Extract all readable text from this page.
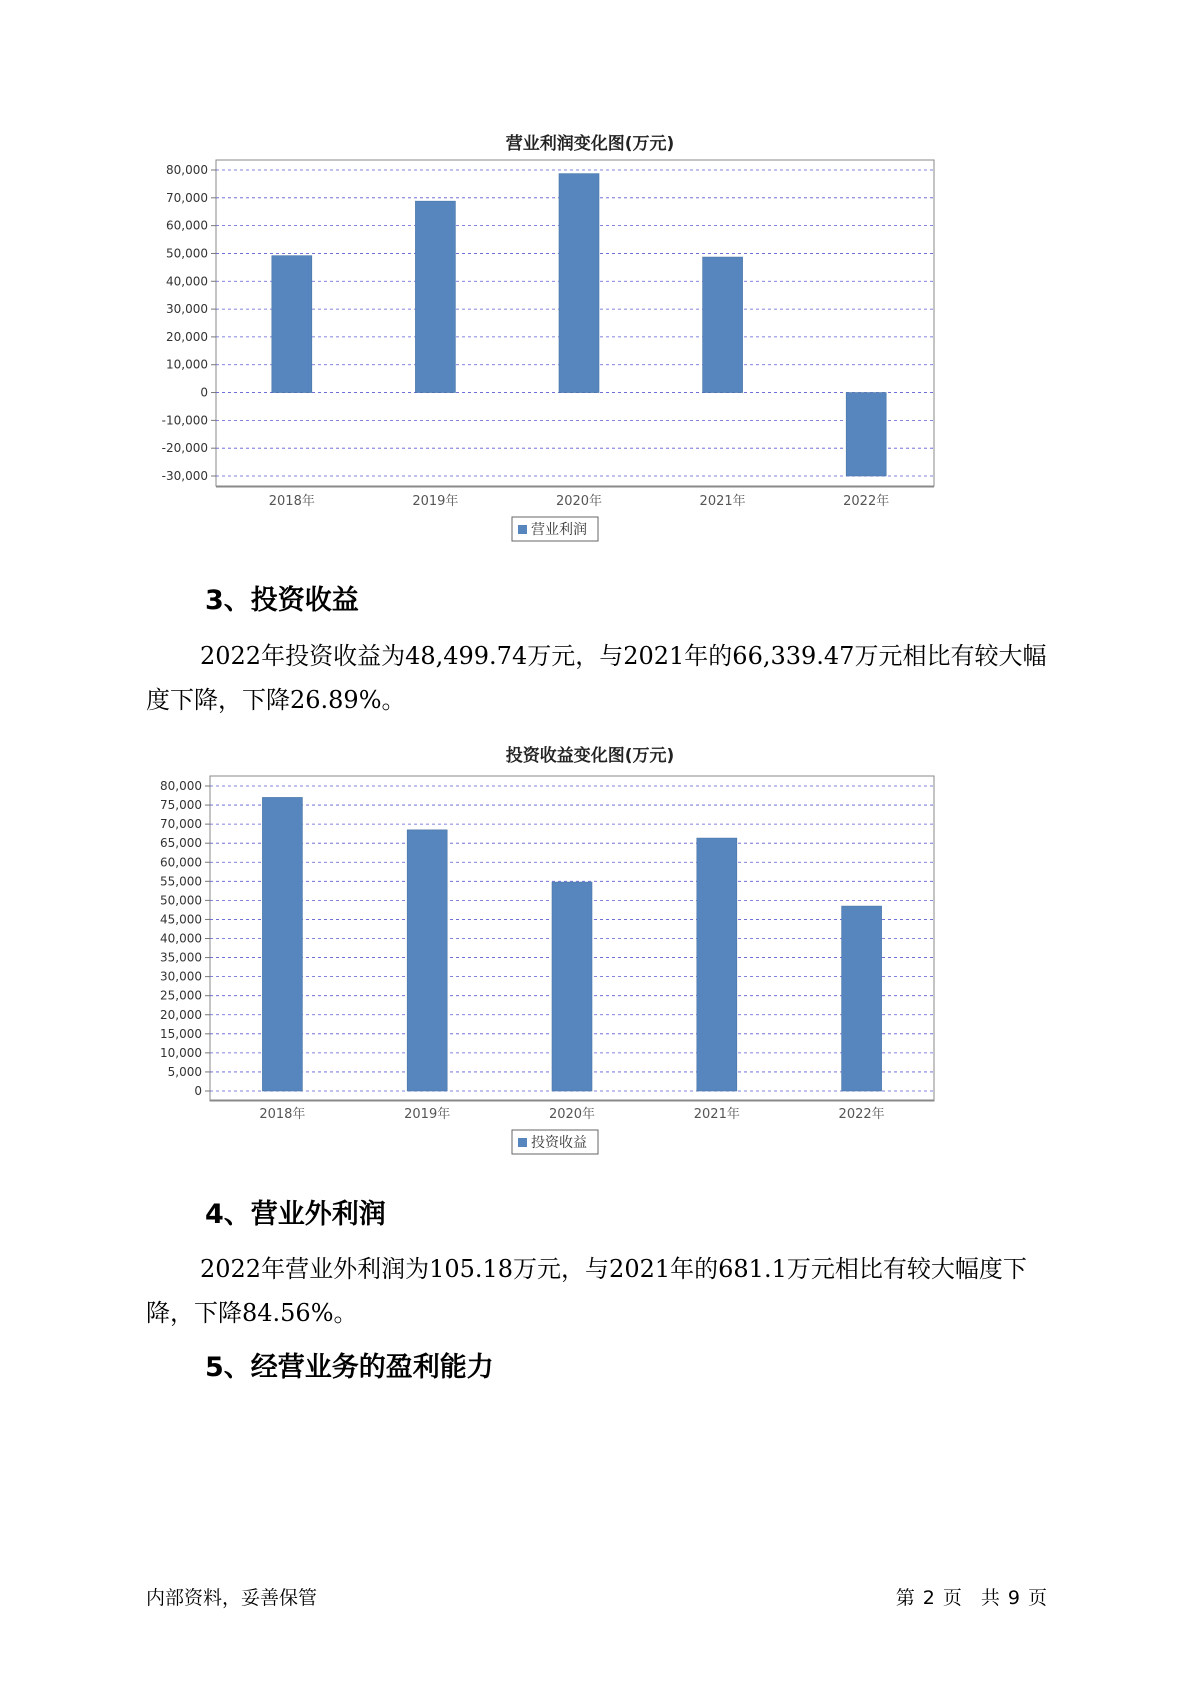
营业利润变化图(万元)
80,000
70,000
60,000
50,000
40,000
30,000
20,000
10,000
0
-10,000
-20,000
-30,000
2018年	2019年	2020年	2021年	2022年
营业利润
3、投资收益

2022年投资收益为48,499.74万元，与2021年的66,339.47万元相比有较大幅度下降，下降26.89%。

投资收益变化图(万元)
80,000
75,000
70,000
65,000
60,000
55,000
50,000
45,000
40,000
35,000
30,000
25,000
20,000
15,000
10,000
5,000
0
2018年	2019年	2020年	2021年	2022年
投资收益
4、营业外利润

2022年营业外利润为105.18万元，与2021年的681.1万元相比有较大幅度下降，下降84.56%。

5、经营业务的盈利能力
内部资料，妥善保管	第 2 页　共 9 页
